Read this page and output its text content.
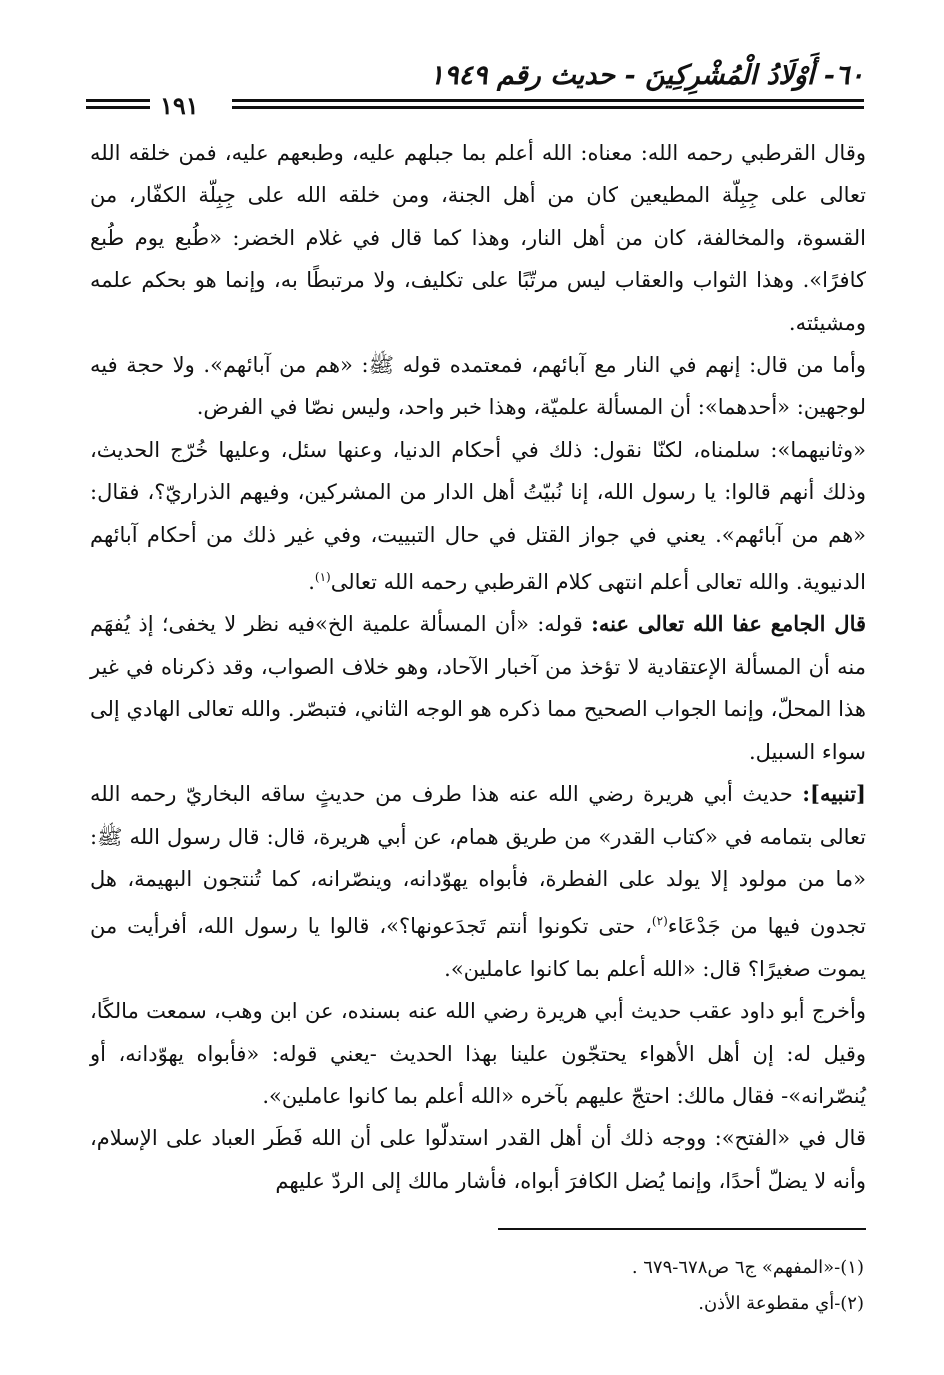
٦٠- أَوْلَادُ الْمُشْرِكِينَ - حديث رقم ١٩٤٩
١٩١

وقال القرطبي رحمه الله: معناه: الله أعلم بما جبلهم عليه، وطبعهم عليه، فمن خلقه الله تعالى على جِبِلّة المطيعين كان من أهل الجنة، ومن خلقه الله على جِبِلّة الكفّار، من القسوة، والمخالفة، كان من أهل النار، وهذا كما قال في غلام الخضر: «طُبع يوم طُبع كافرًا». وهذا الثواب والعقاب ليس مرتّبًا على تكليف، ولا مرتبطًا به، وإنما هو بحكم علمه ومشيئته.

وأما من قال: إنهم في النار مع آبائهم، فمعتمده قوله ﷺ: «هم من آبائهم». ولا حجة فيه لوجهين: «أحدهما»: أن المسألة علميّة، وهذا خبر واحد، وليس نصّا في الفرض.

«وثانيهما»: سلمناه، لكنّا نقول: ذلك في أحكام الدنيا، وعنها سئل، وعليها خُرّج الحديث، وذلك أنهم قالوا: يا رسول الله، إنا نُبيّتُ أهل الدار من المشركين، وفيهم الذراريّ؟، فقال: «هم من آبائهم». يعني في جواز القتل في حال التبييت، وفي غير ذلك من أحكام آبائهم الدنيوية. والله تعالى أعلم انتهى كلام القرطبي رحمه الله تعالى$^{(١)}$.

قال الجامع عفا الله تعالى عنه: قوله: «أن المسألة علمية الخ»فيه نظر لا يخفى؛ إذ يُفهَم منه أن المسألة الإعتقادية لا تؤخذ من آخبار الآحاد، وهو خلاف الصواب، وقد ذكرناه في غير هذا المحلّ، وإنما الجواب الصحيح مما ذكره هو الوجه الثاني، فتبصّر. والله تعالى الهادي إلى سواء السبيل.

[تنبيه]: حديث أبي هريرة رضي الله عنه هذا طرف من حديثٍ ساقه البخاريّ رحمه الله تعالى بتمامه في «كتاب القدر» من طريق همام، عن أبي هريرة، قال: قال رسول الله ﷺ: «ما من مولود إلا يولد على الفطرة، فأبواه يهوّدانه، وينصّرانه، كما تُنتجون البهيمة، هل تجدون فيها من جَدْعَاء$^{(٢)}$، حتى تكونوا أنتم تَجدَعونها؟»، قالوا يا رسول الله، أفرأيت من يموت صغيرًا؟ قال: «الله أعلم بما كانوا عاملين».

وأخرج أبو داود عقب حديث أبي هريرة رضي الله عنه بسنده، عن ابن وهب، سمعت مالكًا، وقيل له: إن أهل الأهواء يحتجّون علينا بهذا الحديث -يعني قوله: «فأبواه يهوّدانه، أو يُنصّرانه»- فقال مالك: احتجّ عليهم بآخره «الله أعلم بما كانوا عاملين».

قال في «الفتح»: ووجه ذلك أن أهل القدر استدلّوا على أن الله فَطَر العباد على الإسلام، وأنه لا يضلّ أحدًا، وإنما يُضل الكافرَ أبواه، فأشار مالك إلى الردّ عليهم

(١)-«المفهم» ج٦ ص٦٧٨-٦٧٩ .

(٢)-أي مقطوعة الأذن.
